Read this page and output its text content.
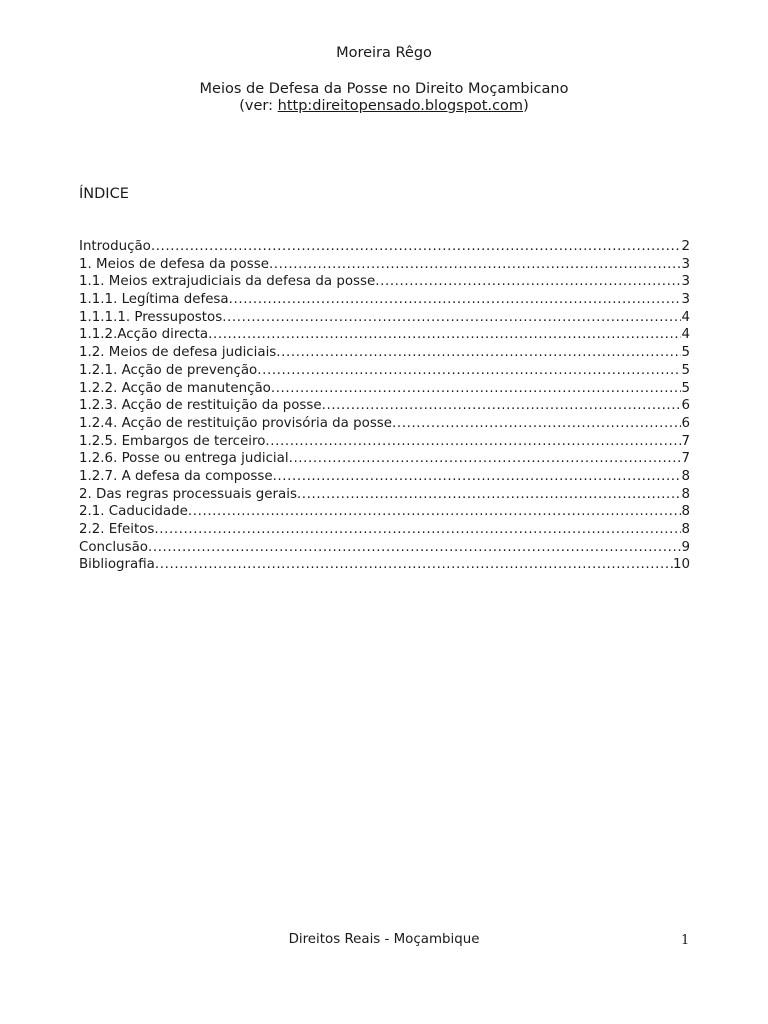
Moreira Rêgo
Meios de Defesa da Posse no Direito Moçambicano
(ver: http:direitopensado.blogspot.com)
ÍNDICE
Introdução .....	2
1. Meios de defesa da posse .....	3
1.1. Meios extrajudiciais da defesa da posse .....	3
1.1.1. Legítima defesa .....	3
1.1.1.1. Pressupostos .....	4
1.1.2.Acção directa .....	4
1.2. Meios de defesa judiciais .....	5
1.2.1. Acção de prevenção .....	5
1.2.2. Acção de manutenção .....	5
1.2.3. Acção de restituição da posse .....	6
1.2.4. Acção de restituição provisória da posse .....	6
1.2.5. Embargos de terceiro .....	7
1.2.6. Posse ou entrega judicial .....	7
1.2.7. A defesa da composse .....	8
2. Das regras processuais gerais .....	8
2.1. Caducidade .....	8
2.2. Efeitos .....	8
Conclusão .....	9
Bibliografia .....	10
Direitos Reais - Moçambique	1
